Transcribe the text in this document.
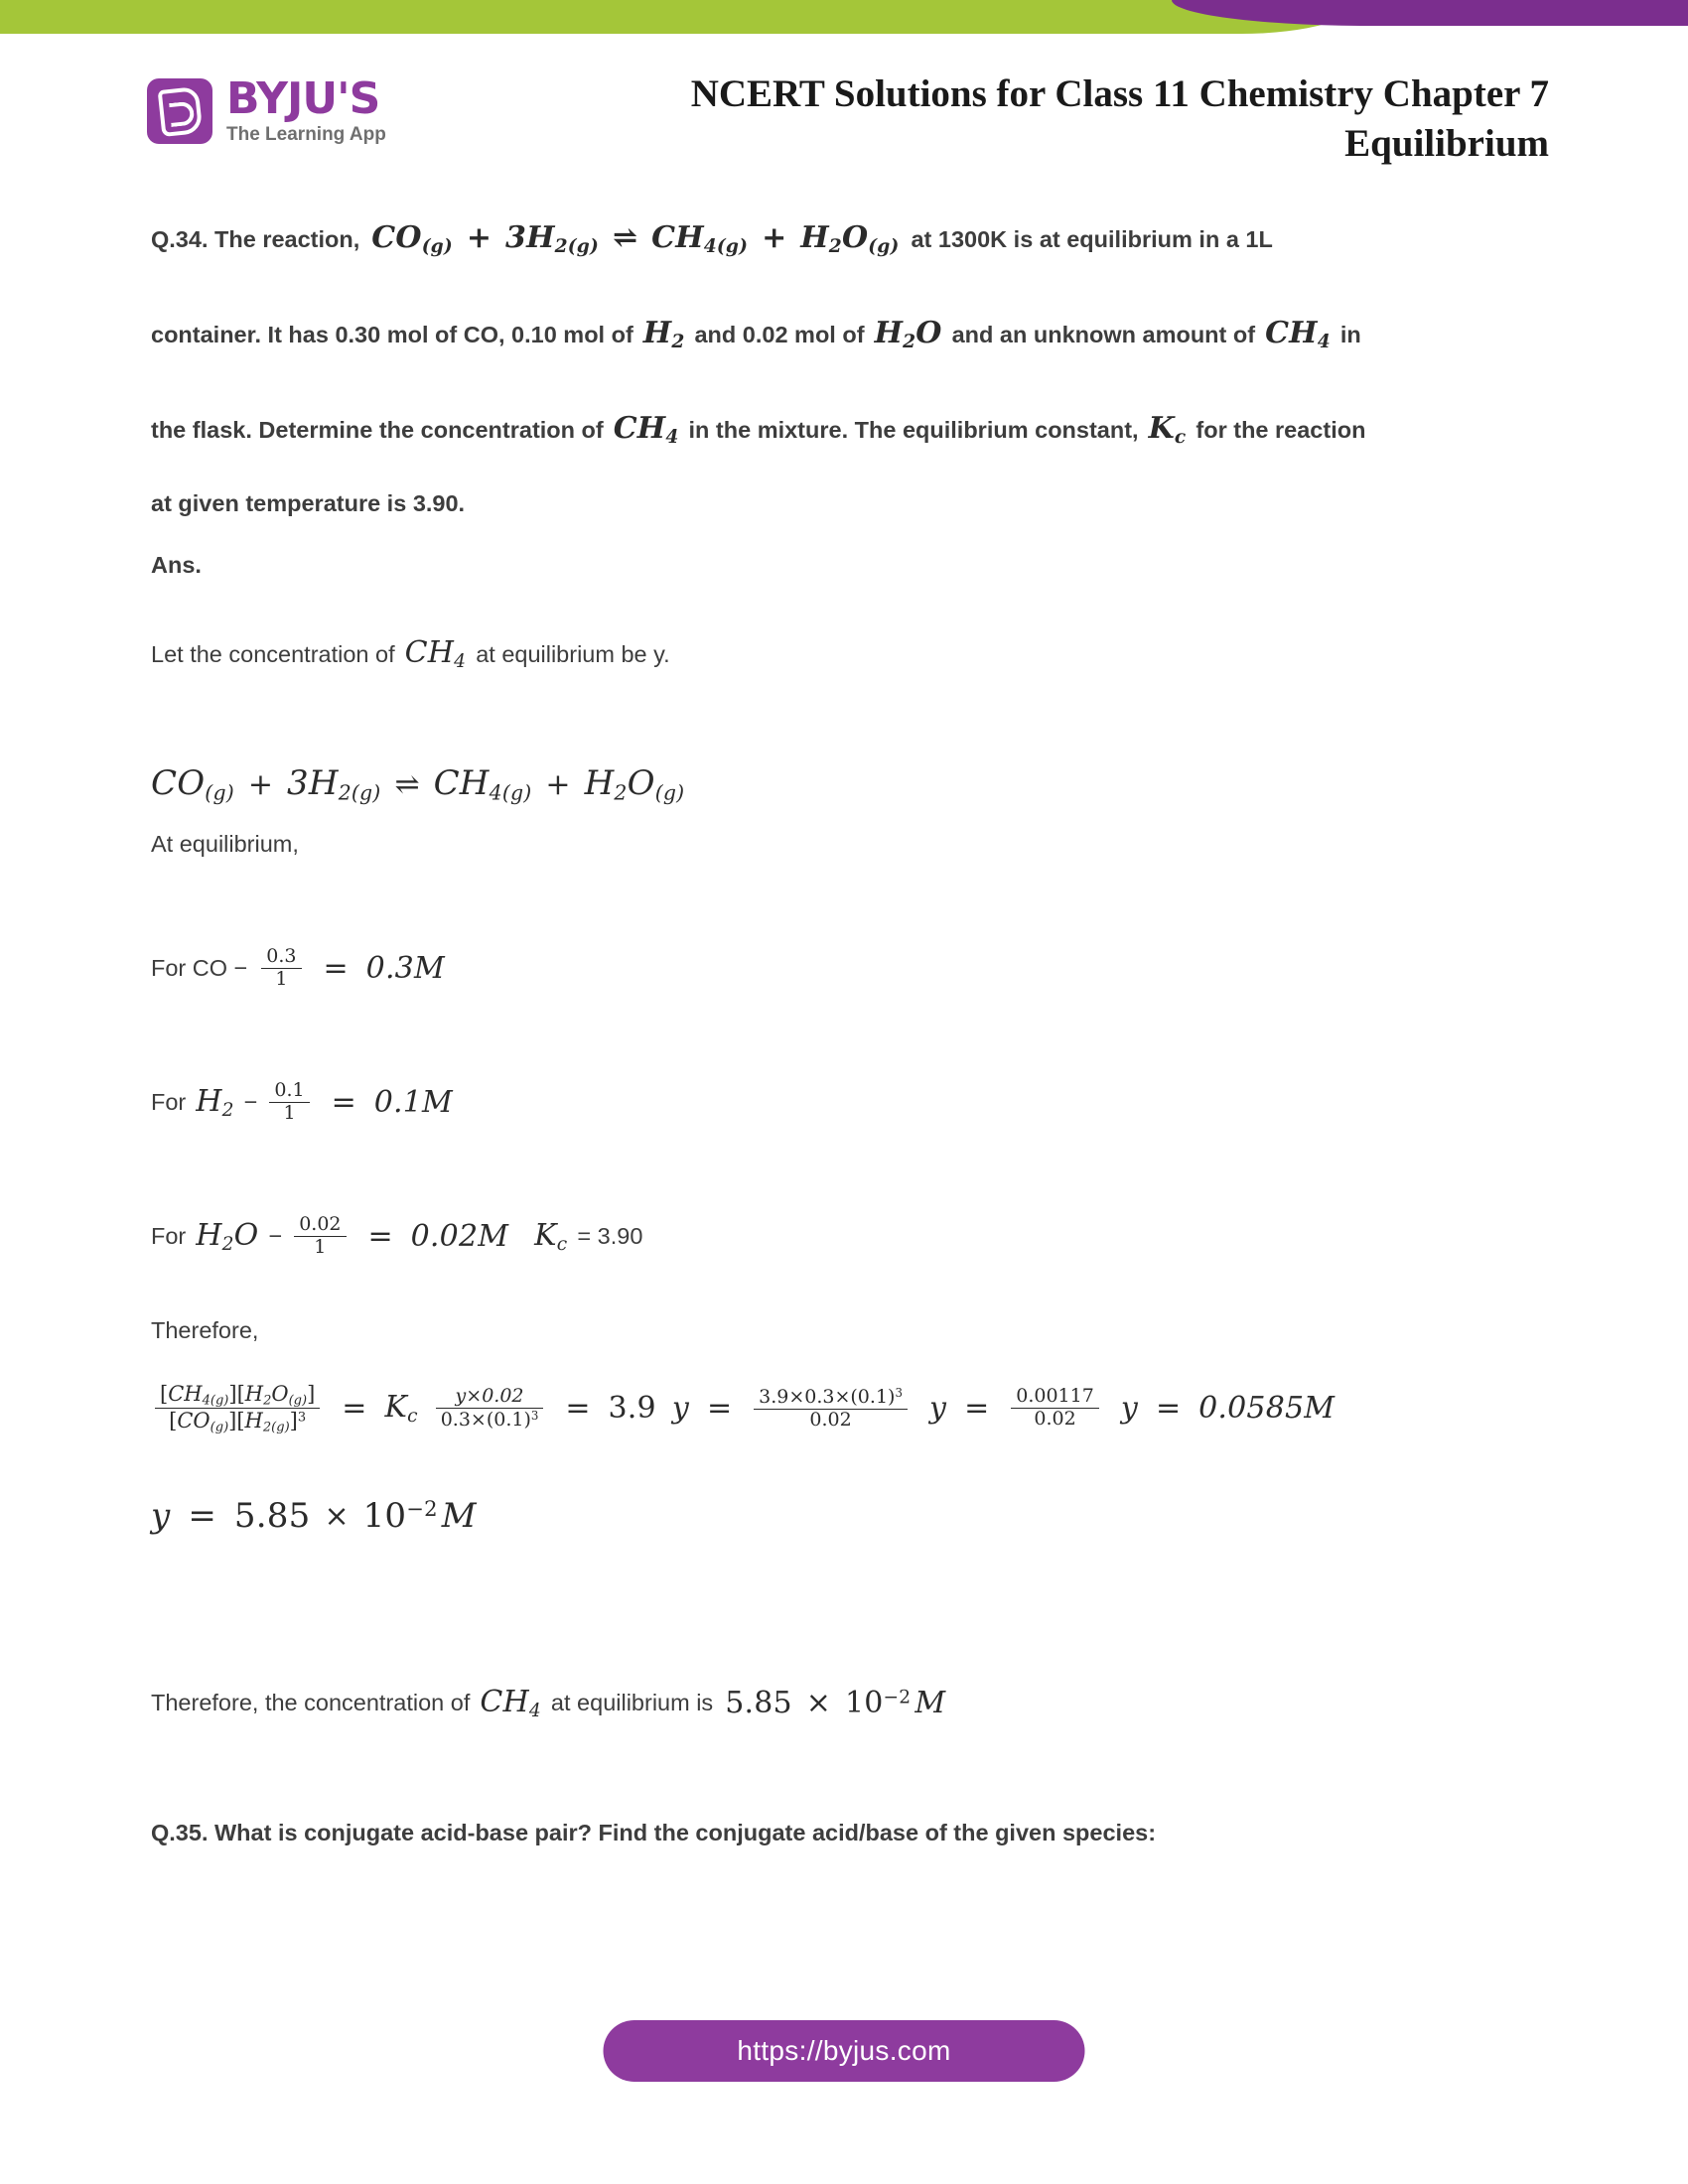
BYJU'S
The Learning App
NCERT Solutions for Class 11 Chemistry Chapter 7
Equilibrium
Q.34. The reaction, $CO_{(g)} + 3H_{2(g)}$ ⇌ $CH_{4(g)} + H_2O_{(g)}$ at 1300K is at equilibrium in a 1L
container. It has 0.30 mol of CO, 0.10 mol of $H_2$ and 0.02 mol of $H_2O$ and an unknown amount of $CH_4$ in
the flask. Determine the concentration of $CH_4$ in the mixture. The equilibrium constant, $K_c$ for the reaction
at given temperature is 3.90.
Ans.
Let the concentration of $CH_4$ at equilibrium be y.
$CO_{(g)} + 3H_{2(g)}$ ⇌ $CH_{4(g)} + H_2O_{(g)}$
At equilibrium,
For CO − $\frac{0.3}{1} = 0.3M$
For $H_2 - \frac{0.1}{1} = 0.1M$
For $H_2O - \frac{0.02}{1} = 0.02M$ $K_c = 3.90$
Therefore,
$\frac{[CH_{4(g)}][H_2O_{(g)}]}{[CO_{(g)}][H_{2(g)}]^3} = K_c \frac{y\times 0.02}{0.3\times(0.1)^3} = 3.9$ y =	$\frac{3.9\times 0.3\times(0.1)^3}{0.02}$ y =	$\frac{0.00117}{0.02}$ y = 0.0585M
$y = 5.85 \times 10^{-2}$ M
Therefore, the concentration of $CH_4$ at equilibrium is $5.85 \times 10^{-2}$ M
Q.35. What is conjugate acid-base pair? Find the conjugate acid/base of the given species:
https://byjus.com
